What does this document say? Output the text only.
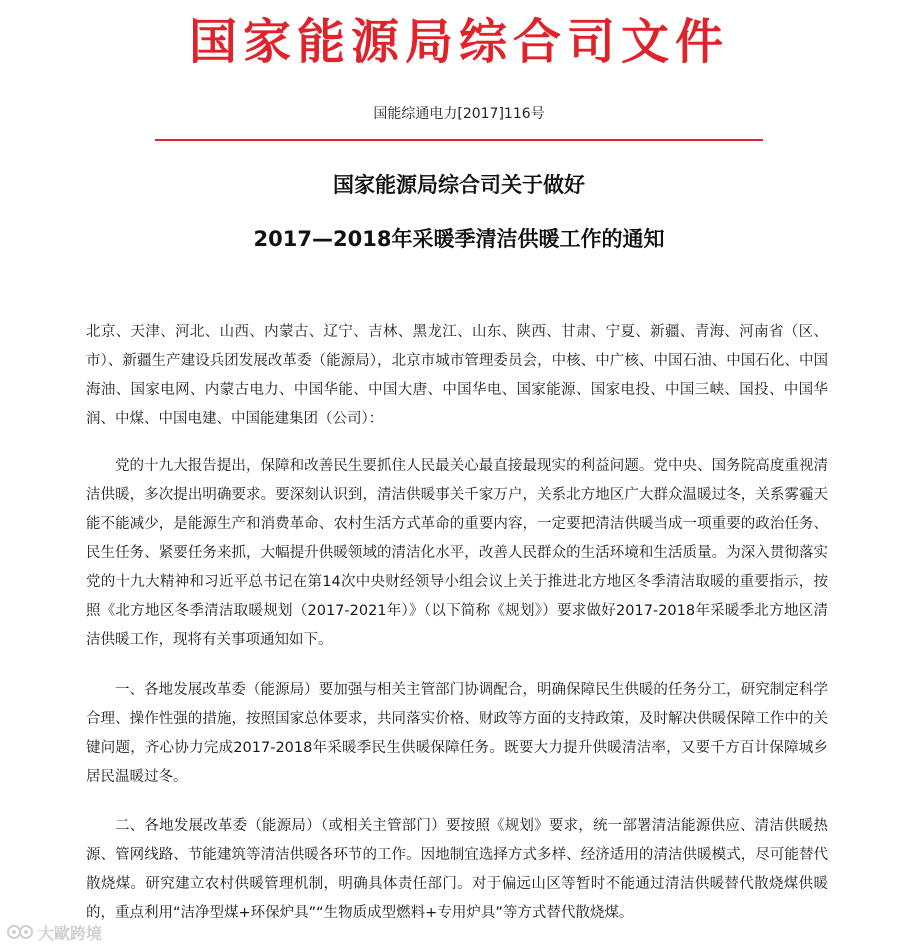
国家能源局综合司文件
国能综通电力[2017]116号
国家能源局综合司关于做好
2017—2018年采暖季清洁供暖工作的通知
北京、天津、河北、山西、内蒙古、辽宁、吉林、黑龙江、山东、陕西、甘肃、宁夏、新疆、青海、河南省（区、市）、新疆生产建设兵团发展改革委（能源局），北京市城市管理委员会，中核、中广核、中国石油、中国石化、中国海油、国家电网、内蒙古电力、中国华能、中国大唐、中国华电、国家能源、国家电投、中国三峡、国投、中国华润、中煤、中国电建、中国能建集团（公司）：
党的十九大报告提出，保障和改善民生要抓住人民最关心最直接最现实的利益问题。党中央、国务院高度重视清洁供暖，多次提出明确要求。要深刻认识到，清洁供暖事关千家万户，关系北方地区广大群众温暖过冬，关系雾霾天能不能减少，是能源生产和消费革命、农村生活方式革命的重要内容，一定要把清洁供暖当成一项重要的政治任务、民生任务、紧要任务来抓，大幅提升供暖领域的清洁化水平，改善人民群众的生活环境和生活质量。为深入贯彻落实党的十九大精神和习近平总书记在第14次中央财经领导小组会议上关于推进北方地区冬季清洁取暖的重要指示，按照《北方地区冬季清洁取暖规划（2017-2021年）》（以下简称《规划》）要求做好2017-2018年采暖季北方地区清洁供暖工作，现将有关事项通知如下。
一、各地发展改革委（能源局）要加强与相关主管部门协调配合，明确保障民生供暖的任务分工，研究制定科学合理、操作性强的措施，按照国家总体要求，共同落实价格、财政等方面的支持政策，及时解决供暖保障工作中的关键问题，齐心协力完成2017-2018年采暖季民生供暖保障任务。既要大力提升供暖清洁率，又要千方百计保障城乡居民温暖过冬。
二、各地发展改革委（能源局）（或相关主管部门）要按照《规划》要求，统一部署清洁能源供应、清洁供暖热源、管网线路、节能建筑等清洁供暖各环节的工作。因地制宜选择方式多样、经济适用的清洁供暖模式，尽可能替代散烧煤。研究建立农村供暖管理机制，明确具体责任部门。对于偏远山区等暂时不能通过清洁供暖替代散烧煤供暖的，重点利用“洁净型煤+环保炉具”“生物质成型燃料+专用炉具”等方式替代散烧煤。
大歐跨境
